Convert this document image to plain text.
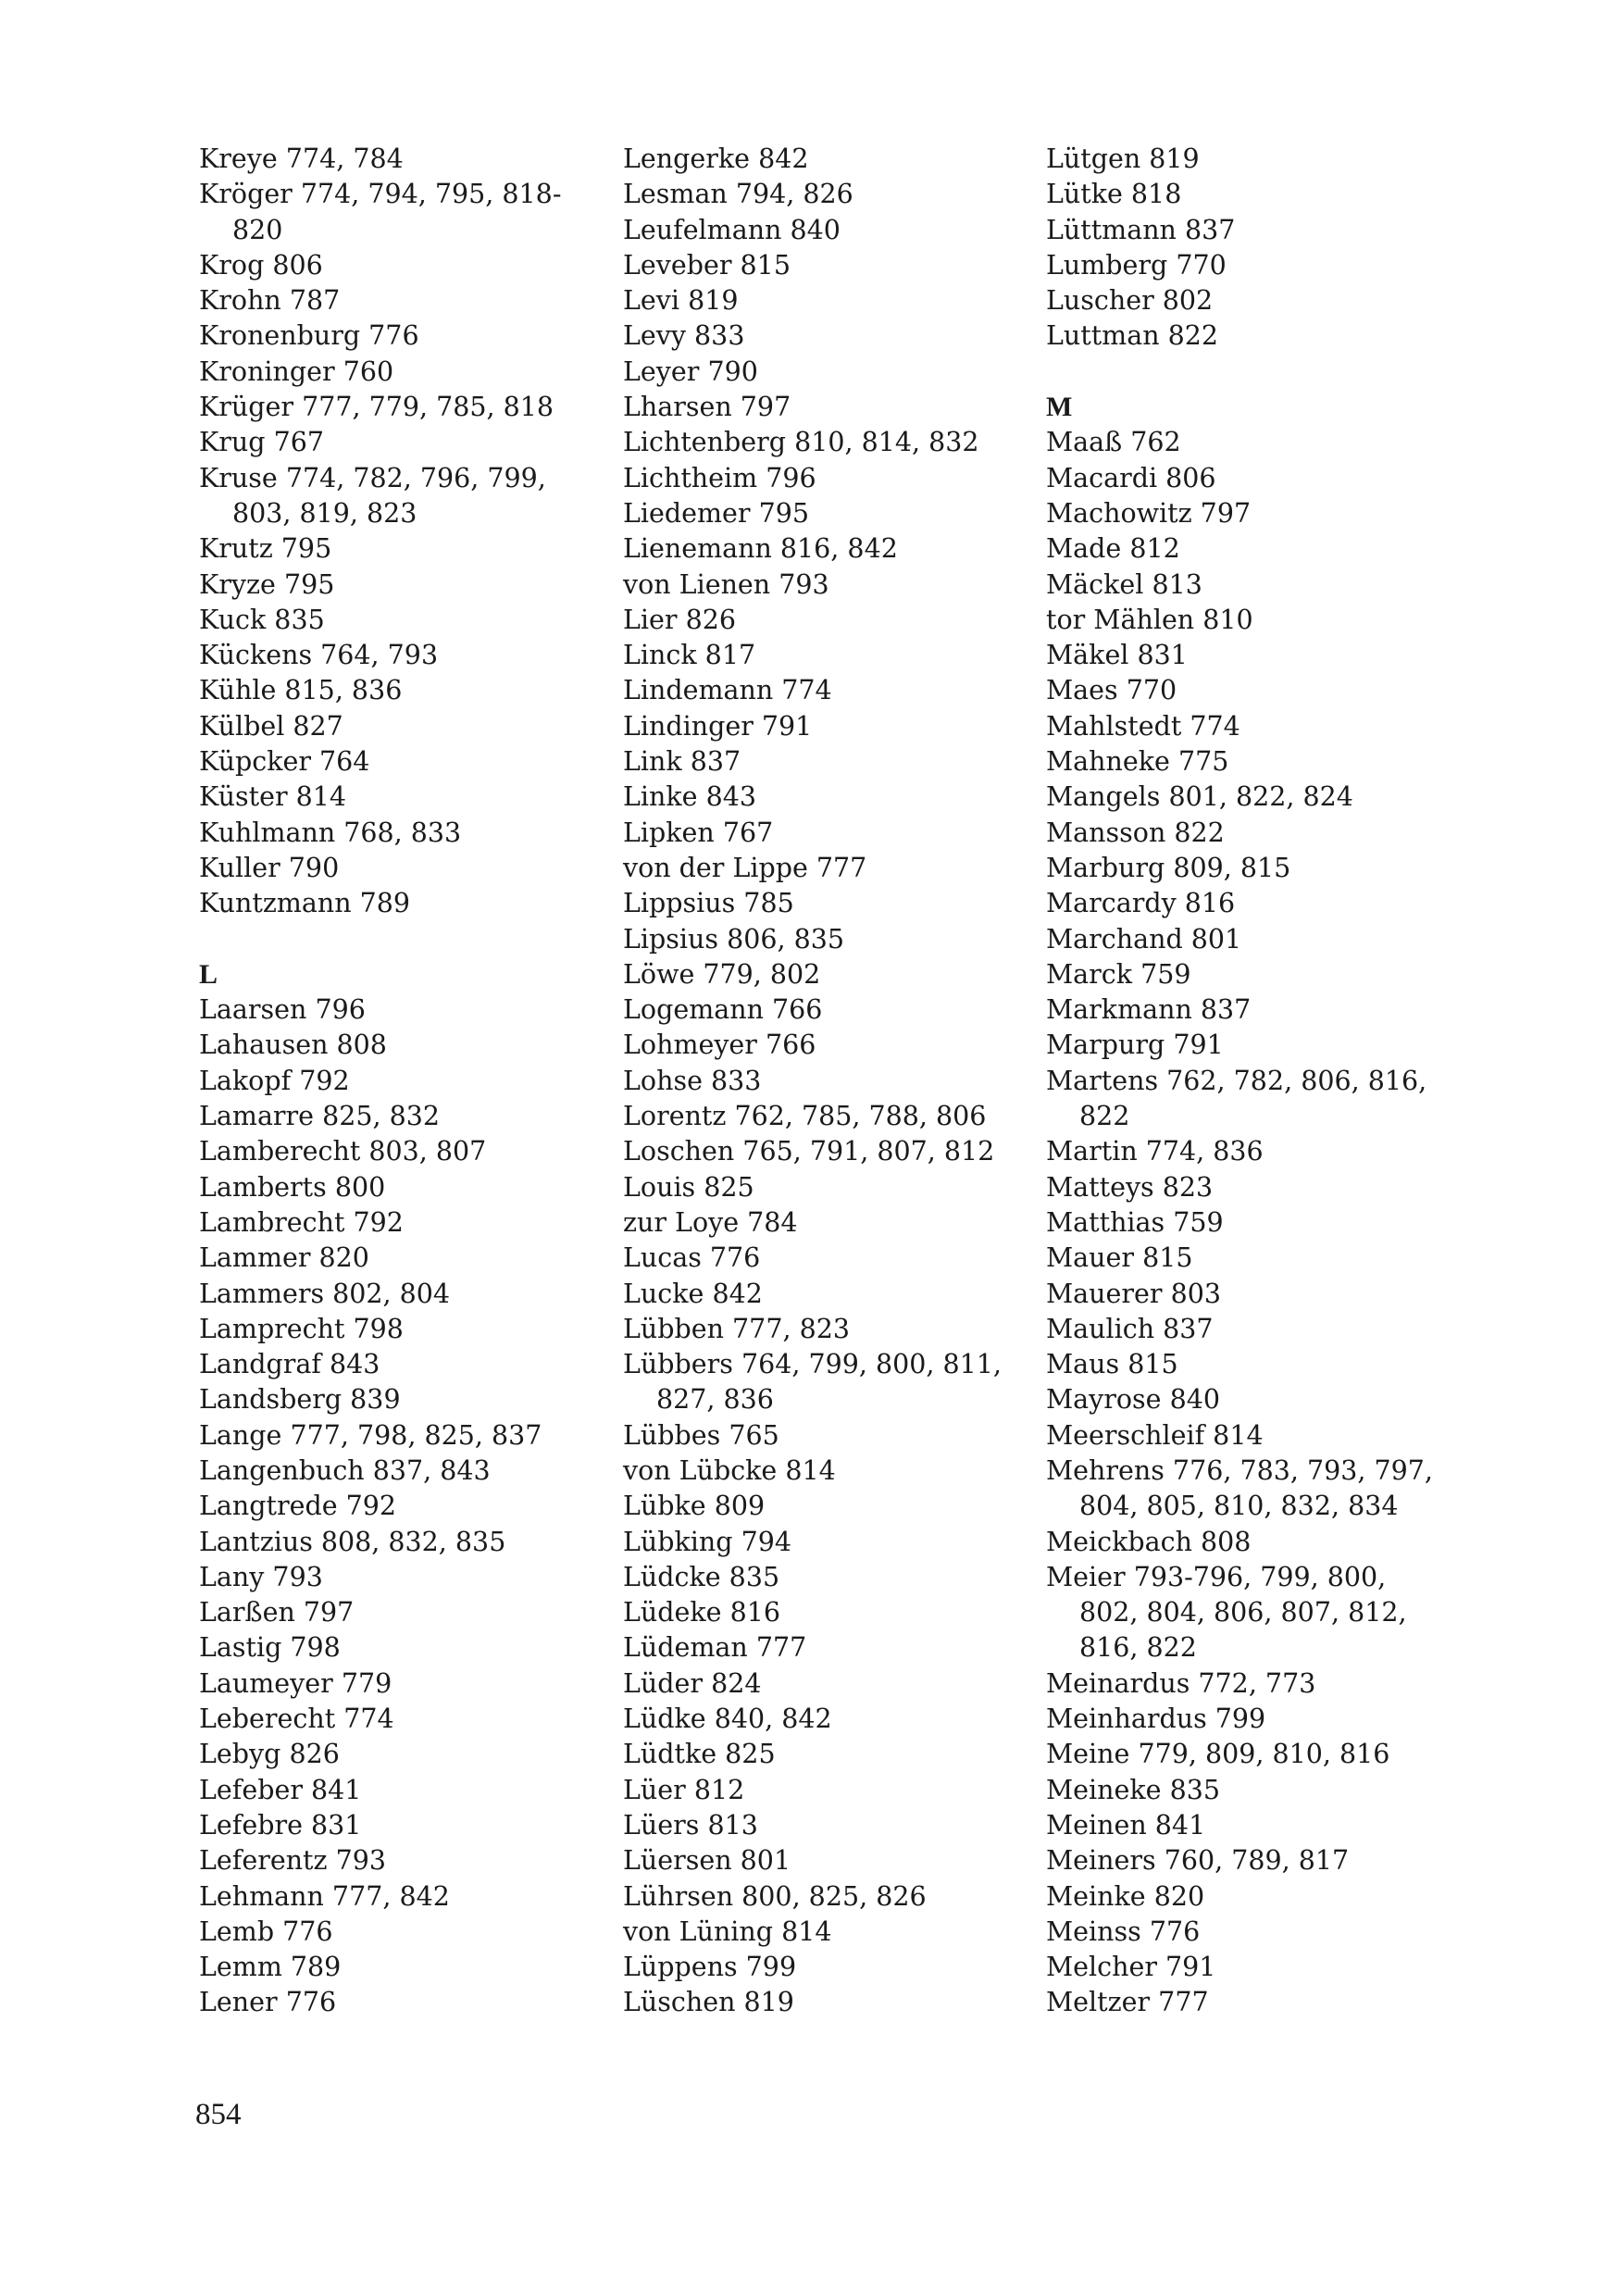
Kreye 774, 784
Kröger 774, 794, 795, 818-
820
Krog 806
Krohn 787
Kronenburg 776
Kroninger 760
Krüger 777, 779, 785, 818
Krug 767
Kruse 774, 782, 796, 799,
803, 819, 823
Krutz 795
Kryze 795
Kuck 835
Kückens 764, 793
Kühle 815, 836
Külbel 827
Küpcker 764
Küster 814
Kuhlmann 768, 833
Kuller 790
Kuntzmann 789
L
Laarsen 796
Lahausen 808
Lakopf 792
Lamarre 825, 832
Lamberecht 803, 807
Lamberts 800
Lambrecht 792
Lammer 820
Lammers 802, 804
Lamprecht 798
Landgraf 843
Landsberg 839
Lange 777, 798, 825, 837
Langenbuch 837, 843
Langtrede 792
Lantzius 808, 832, 835
Lany 793
Larßen 797
Lastig 798
Laumeyer 779
Leberecht 774
Lebyg 826
Lefeber 841
Lefebre 831
Leferentz 793
Lehmann 777, 842
Lemb 776
Lemm 789
Lener 776
Lengerke 842
Lesman 794, 826
Leufelmann 840
Leveber 815
Levi 819
Levy 833
Leyer 790
Lharsen 797
Lichtenberg 810, 814, 832
Lichtheim 796
Liedemer 795
Lienemann 816, 842
von Lienen 793
Lier 826
Linck 817
Lindemann 774
Lindinger 791
Link 837
Linke 843
Lipken 767
von der Lippe 777
Lippsius 785
Lipsius 806, 835
Löwe 779, 802
Logemann 766
Lohmeyer 766
Lohse 833
Lorentz 762, 785, 788, 806
Loschen 765, 791, 807, 812
Louis 825
zur Loye 784
Lucas 776
Lucke 842
Lübben 777, 823
Lübbers 764, 799, 800, 811,
827, 836
Lübbes 765
von Lübcke 814
Lübke 809
Lübking 794
Lüdcke 835
Lüdeke 816
Lüdeman 777
Lüder 824
Lüdke 840, 842
Lüdtke 825
Lüer 812
Lüers 813
Lüersen 801
Lührsen 800, 825, 826
von Lüning 814
Lüppens 799
Lüschen 819
Lütgen 819
Lütke 818
Lüttmann 837
Lumberg 770
Luscher 802
Luttman 822
M
Maaß 762
Macardi 806
Machowitz 797
Made 812
Mäckel 813
tor Mählen 810
Mäkel 831
Maes 770
Mahlstedt 774
Mahneke 775
Mangels 801, 822, 824
Mansson 822
Marburg 809, 815
Marcardy 816
Marchand 801
Marck 759
Markmann 837
Marpurg 791
Martens 762, 782, 806, 816,
822
Martin 774, 836
Matteys 823
Matthias 759
Mauer 815
Mauerer 803
Maulich 837
Maus 815
Mayrose 840
Meerschleif 814
Mehrens 776, 783, 793, 797,
804, 805, 810, 832, 834
Meickbach 808
Meier 793-796, 799, 800,
802, 804, 806, 807, 812,
816, 822
Meinardus 772, 773
Meinhardus 799
Meine 779, 809, 810, 816
Meineke 835
Meinen 841
Meiners 760, 789, 817
Meinke 820
Meinss 776
Melcher 791
Meltzer 777
854
